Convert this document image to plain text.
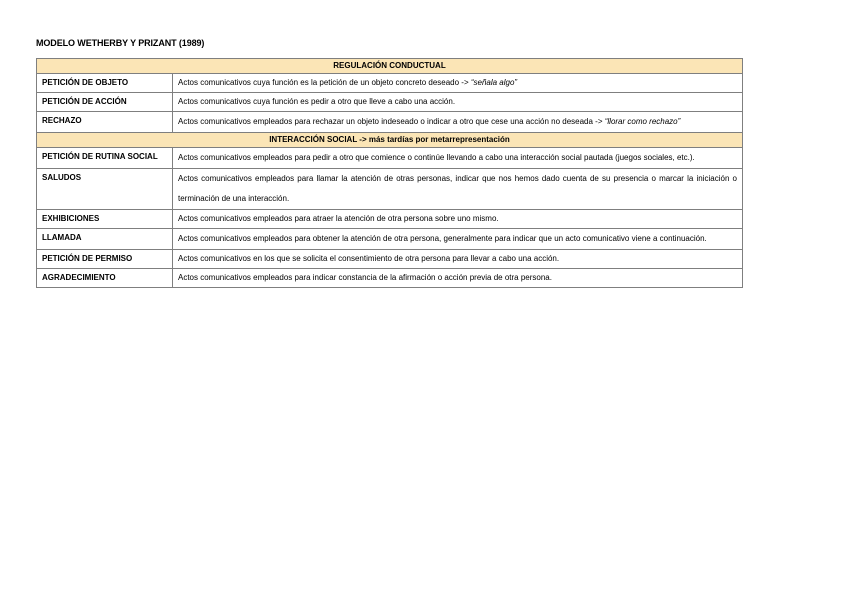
MODELO WETHERBY Y PRIZANT (1989)
REGULACIÓN CONDUCTUAL	
PETICIÓN DE OBJETO	Actos comunicativos cuya función es la petición de un objeto concreto deseado -> “señala algo”
PETICIÓN DE ACCIÓN	Actos comunicativos cuya función es pedir a otro que lleve a cabo una acción.
RECHAZO	Actos comunicativos empleados para rechazar un objeto indeseado o indicar a otro que cese una acción no deseada -> “llorar como rechazo”
INTERACCIÓN SOCIAL -> más tardías por metarrepresentación	
PETICIÓN DE RUTINA SOCIAL	Actos comunicativos empleados para pedir a otro que comience o continúe llevando a cabo una interacción social pautada (juegos sociales, etc.).
SALUDOS	Actos comunicativos empleados para llamar la atención de otras personas, indicar que nos hemos dado cuenta de su presencia o marcar la iniciación o terminación de una interacción.
EXHIBICIONES	Actos comunicativos empleados para atraer la atención de otra persona sobre uno mismo.
LLAMADA	Actos comunicativos empleados para obtener la atención de otra persona, generalmente para indicar que un acto comunicativo viene a continuación.
PETICIÓN DE PERMISO	Actos comunicativos en los que se solicita el consentimiento de otra persona para llevar a cabo una acción.
AGRADECIMIENTO	Actos comunicativos empleados para indicar constancia de la afirmación o acción previa de otra persona.
